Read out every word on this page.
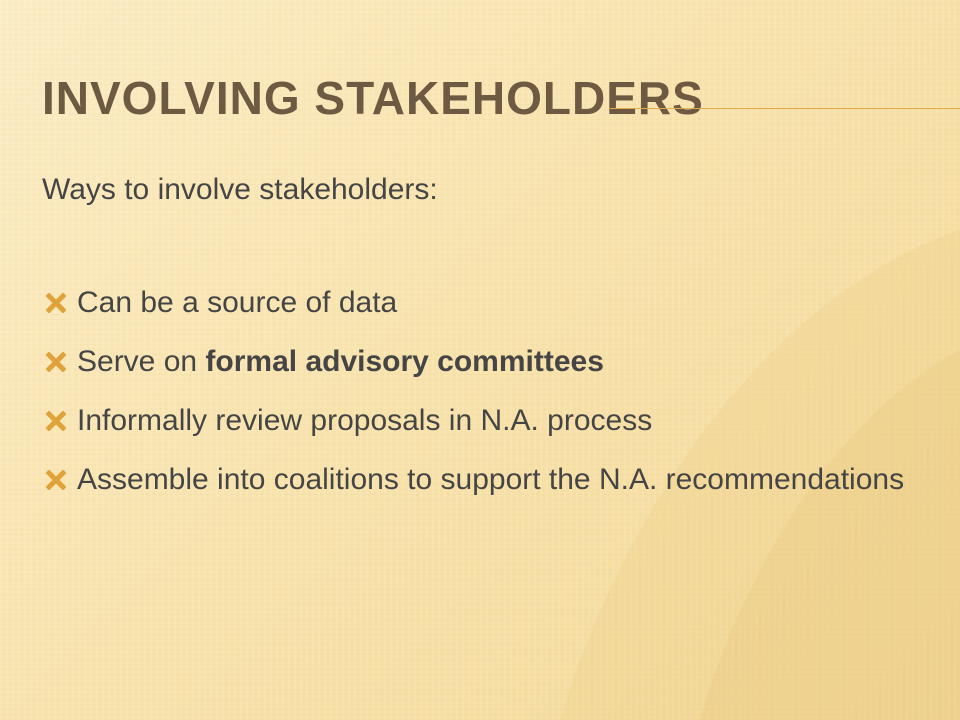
INVOLVING STAKEHOLDERS

Ways to involve stakeholders:

Can be a source of data
Serve on formal advisory committees
Informally review proposals in N.A. process
Assemble into coalitions to support the N.A. recommendations
